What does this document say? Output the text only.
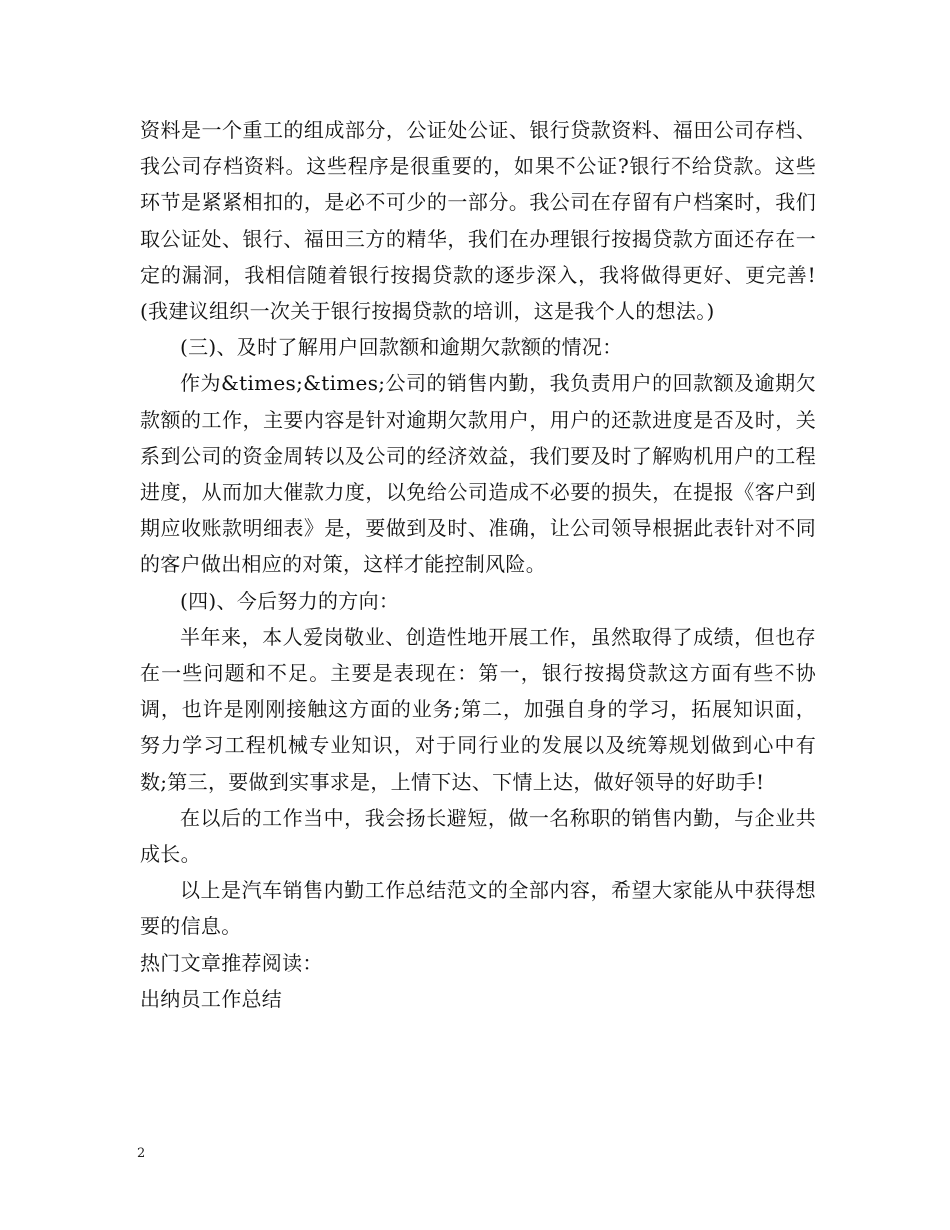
资料是一个重工的组成部分，公证处公证、银行贷款资料、福田公司存档、我公司存档资料。这些程序是很重要的，如果不公证?银行不给贷款。这些环节是紧紧相扣的，是必不可少的一部分。我公司在存留有户档案时，我们取公证处、银行、福田三方的精华，我们在办理银行按揭贷款方面还存在一定的漏洞，我相信随着银行按揭贷款的逐步深入，我将做得更好、更完善!(我建议组织一次关于银行按揭贷款的培训，这是我个人的想法。)

(三)、及时了解用户回款额和逾期欠款额的情况：

作为&times;&times;公司的销售内勤，我负责用户的回款额及逾期欠款额的工作，主要内容是针对逾期欠款用户，用户的还款进度是否及时，关系到公司的资金周转以及公司的经济效益，我们要及时了解购机用户的工程进度，从而加大催款力度，以免给公司造成不必要的损失，在提报《客户到期应收账款明细表》是，要做到及时、准确，让公司领导根据此表针对不同的客户做出相应的对策，这样才能控制风险。

(四)、今后努力的方向：

半年来，本人爱岗敬业、创造性地开展工作，虽然取得了成绩，但也存在一些问题和不足。主要是表现在：第一，银行按揭贷款这方面有些不协调，也许是刚刚接触这方面的业务;第二，加强自身的学习，拓展知识面，努力学习工程机械专业知识，对于同行业的发展以及统筹规划做到心中有数;第三，要做到实事求是，上情下达、下情上达，做好领导的好助手!

在以后的工作当中，我会扬长避短，做一名称职的销售内勤，与企业共成长。

以上是汽车销售内勤工作总结范文的全部内容，希望大家能从中获得想要的信息。

热门文章推荐阅读：

出纳员工作总结

2
